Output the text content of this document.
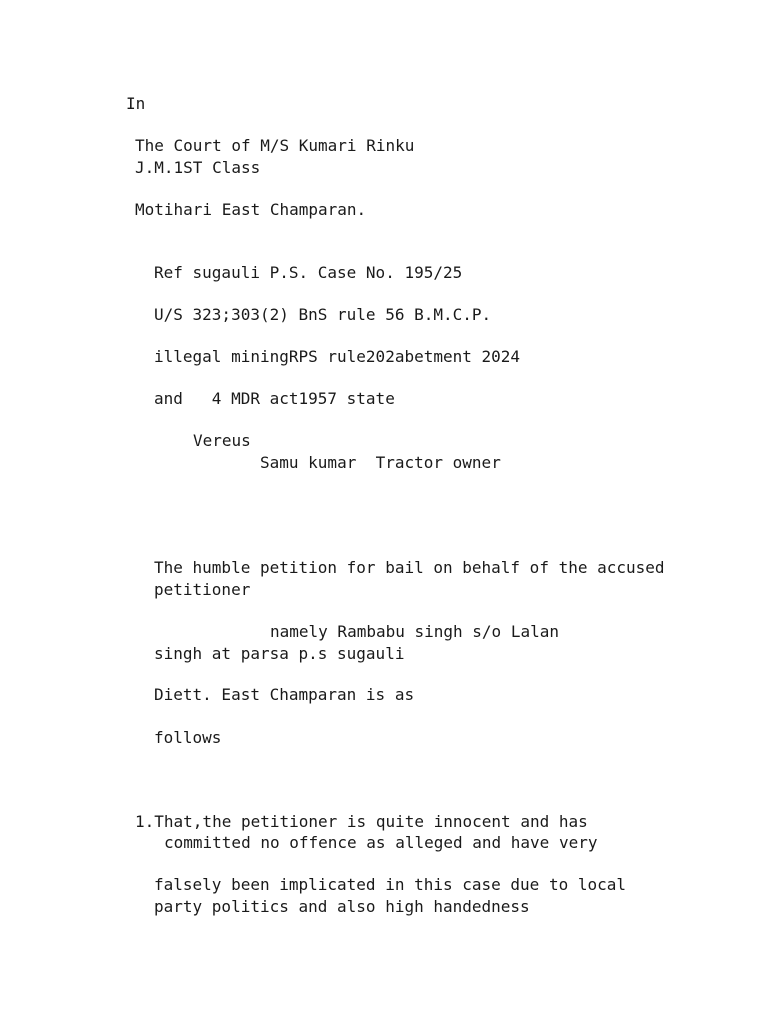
In
The Court of M/S Kumari Rinku
J.M.1ST Class
Motihari East Champaran.
Ref sugauli P.S. Case No. 195/25
U/S 323;303(2) BnS rule 56 B.M.C.P.
illegal miningRPS rule202abetment 2024
and   4 MDR act1957 state
Vereus
Samu kumar  Tractor owner
The humble petition for bail on behalf of the accused
petitioner
namely Rambabu singh s/o Lalan
singh at parsa p.s sugauli
Diett. East Champaran is as
follows
1.That,the petitioner is quite innocent and has
committed no offence as alleged and have very
falsely been implicated in this case due to local
party politics and also high handedness
